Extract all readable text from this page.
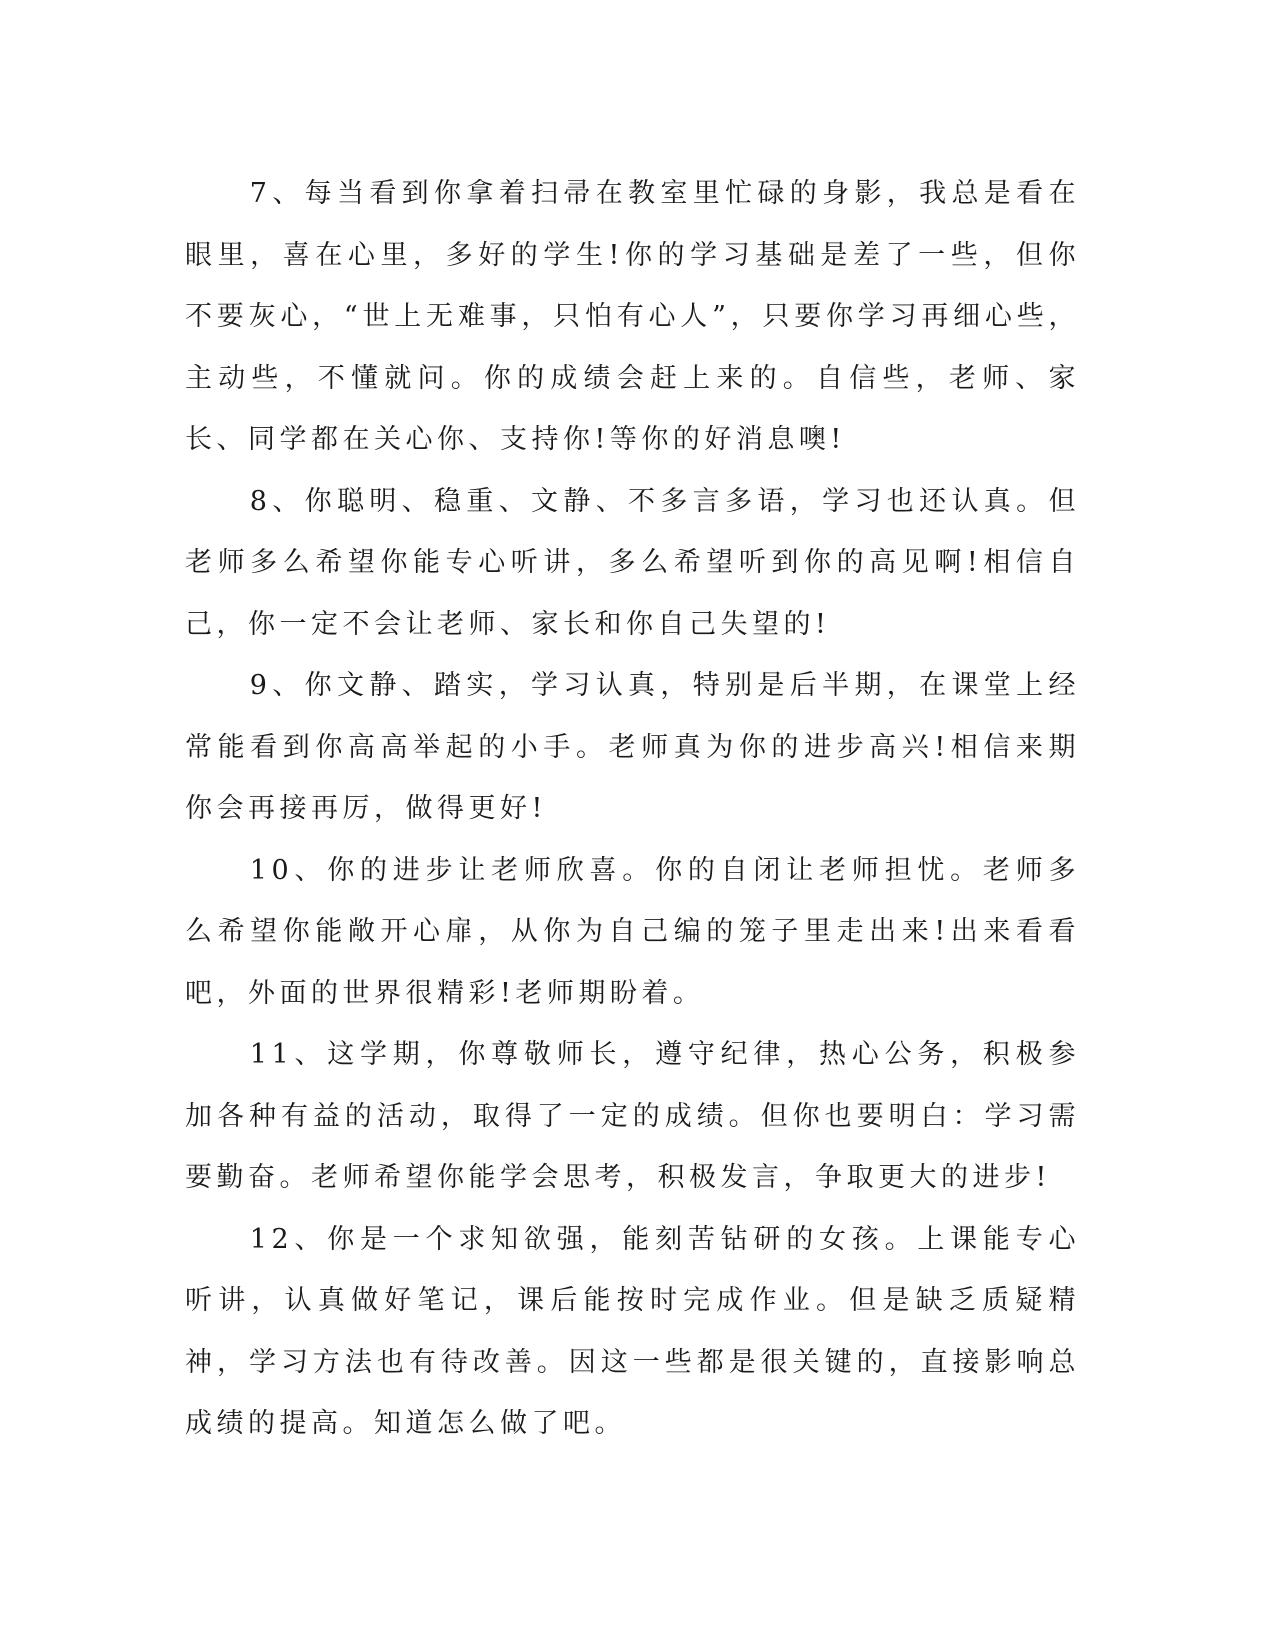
7、每当看到你拿着扫帚在教室里忙碌的身影，我总是看在眼里，喜在心里，多好的学生!你的学习基础是差了一些，但你不要灰心，“世上无难事，只怕有心人”，只要你学习再细心些，主动些，不懂就问。你的成绩会赶上来的。自信些，老师、家长、同学都在关心你、支持你!等你的好消息噢!

8、你聪明、稳重、文静、不多言多语，学习也还认真。但老师多么希望你能专心听讲，多么希望听到你的高见啊!相信自己，你一定不会让老师、家长和你自己失望的!

9、你文静、踏实，学习认真，特别是后半期，在课堂上经常能看到你高高举起的小手。老师真为你的进步高兴!相信来期你会再接再厉，做得更好!

10、你的进步让老师欣喜。你的自闭让老师担忧。老师多么希望你能敞开心扉，从你为自己编的笼子里走出来!出来看看吧，外面的世界很精彩!老师期盼着。

11、这学期，你尊敬师长，遵守纪律，热心公务，积极参加各种有益的活动，取得了一定的成绩。但你也要明白：学习需要勤奋。老师希望你能学会思考，积极发言，争取更大的进步!

12、你是一个求知欲强，能刻苦钻研的女孩。上课能专心听讲，认真做好笔记，课后能按时完成作业。但是缺乏质疑精神，学习方法也有待改善。因这一些都是很关键的，直接影响总成绩的提高。知道怎么做了吧。
